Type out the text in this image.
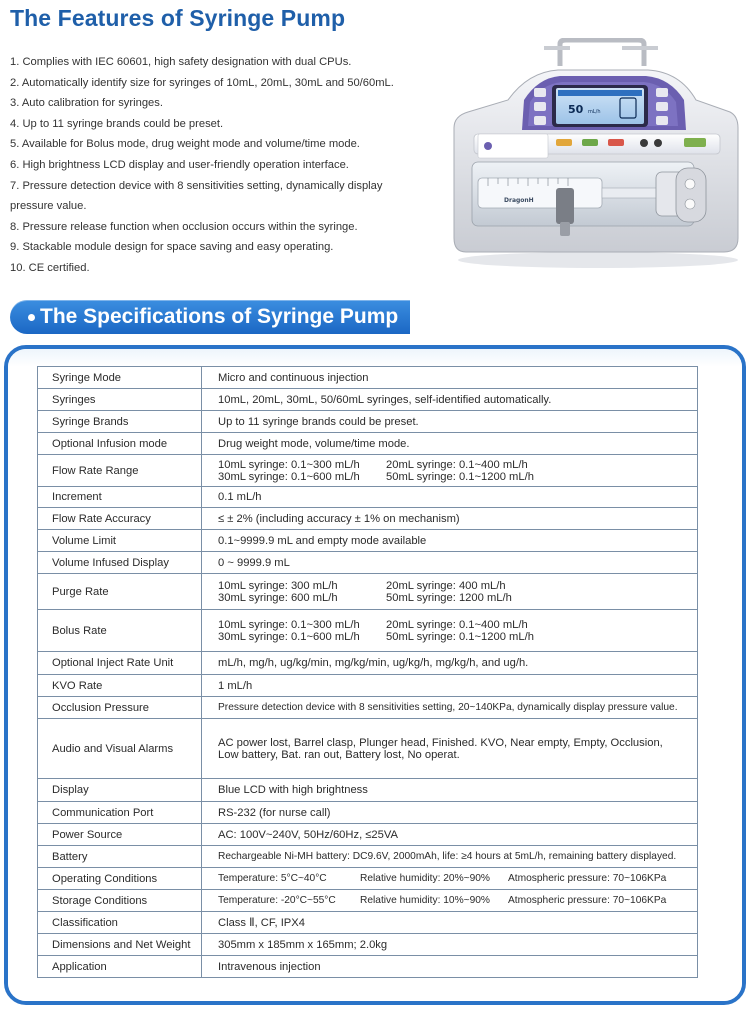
The Features of Syringe Pump
1. Complies with IEC 60601, high safety designation with dual CPUs.
2. Automatically identify size for syringes of 10mL, 20mL, 30mL and 50/60mL.
3. Auto calibration for syringes.
4. Up to 11 syringe brands could be preset.
5. Available for Bolus mode, drug weight mode and volume/time mode.
6. High brightness LCD display and user-friendly operation interface.
7. Pressure detection device with 8 sensitivities setting, dynamically display
pressure value.
8. Pressure release function when occlusion occurs within the syringe.
9. Stackable module design for space saving and easy operating.
10. CE certified.
50 mL/h
DragonH
The Specifications of Syringe Pump
Syringe Mode	Micro and continuous injection
Syringes	10mL, 20mL, 30mL, 50/60mL syringes, self-identified automatically.
Syringe Brands	Up to 11 syringe brands could be preset.
Optional Infusion mode	Drug weight mode, volume/time mode.
Flow Rate Range	10mL syringe: 0.1~300 mL/h 20mL syringe: 0.1~400 mL/h
30mL syringe: 0.1~600 mL/h 50mL syringe: 0.1~1200 mL/h

Increment	0.1 mL/h
Flow Rate Accuracy	≤ ± 2% (including accuracy ± 1% on mechanism)
Volume Limit	0.1~9999.9 mL and empty mode available
Volume Infused Display	0 ~ 9999.9 mL
Purge Rate	10mL syringe: 300 mL/h 20mL syringe: 400 mL/h
30mL syringe: 600 mL/h 50mL syringe: 1200 mL/h

Bolus Rate	10mL syringe: 0.1~300 mL/h 20mL syringe: 0.1~400 mL/h
30mL syringe: 0.1~600 mL/h 50mL syringe: 0.1~1200 mL/h

Optional Inject Rate Unit	mL/h, mg/h, ug/kg/min, mg/kg/min, ug/kg/h, mg/kg/h, and ug/h.
KVO Rate	1 mL/h
Occlusion Pressure	Pressure detection device with 8 sensitivities setting, 20~140KPa, dynamically display pressure value.
Audio and Visual Alarms	AC power lost, Barrel clasp, Plunger head, Finished. KVO, Near empty, Empty, Occlusion,
Low battery, Bat. ran out, Battery lost, No operat.

Display	Blue LCD with high brightness
Communication Port	RS-232 (for nurse call)
Power Source	AC: 100V~240V, 50Hz/60Hz, ≤25VA
Battery	Rechargeable Ni-MH battery: DC9.6V, 2000mAh, life: ≥4 hours at 5mL/h, remaining battery displayed.
Operating Conditions	Temperature: 5°C~40°C Relative humidity: 20%~90% Atmospheric pressure: 70~106KPa

Storage Conditions	Temperature: -20°C~55°C Relative humidity: 10%~90% Atmospheric pressure: 70~106KPa

Classification	Class Ⅱ, CF, IPX4
Dimensions and Net Weight	305mm x 185mm x 165mm; 2.0kg
Application	Intravenous injection
